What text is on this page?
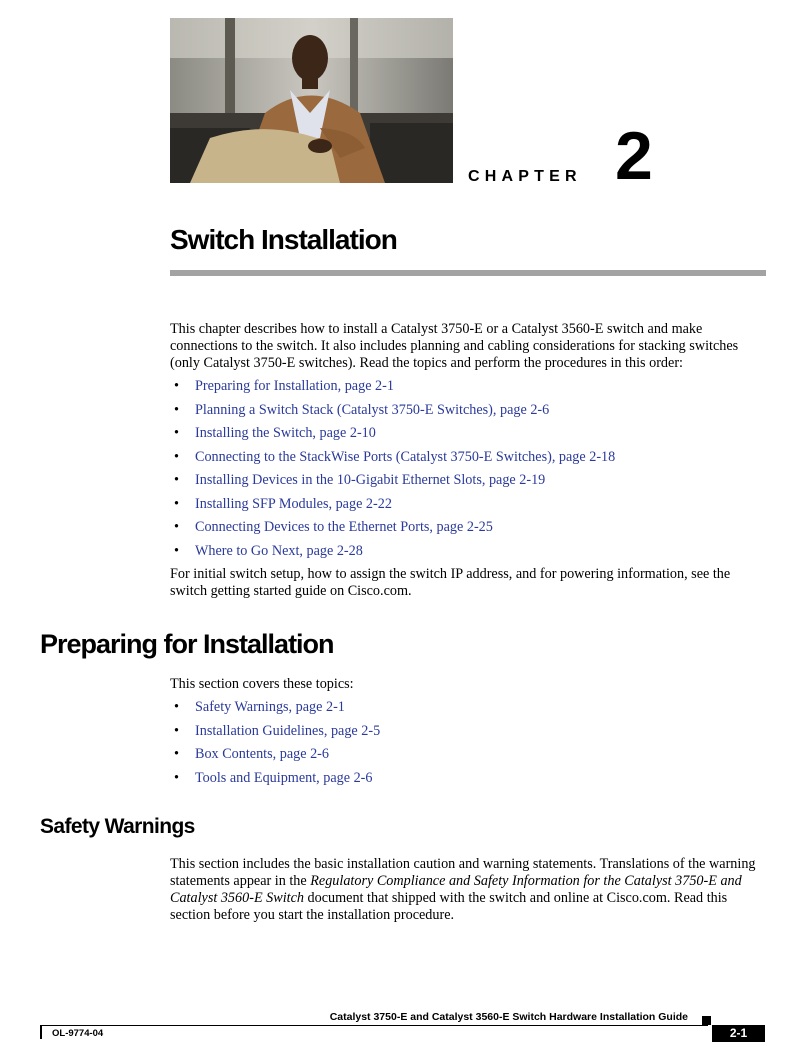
CHAPTER 2
Switch Installation
This chapter describes how to install a Catalyst 3750-E or a Catalyst 3560-E switch and make connections to the switch. It also includes planning and cabling considerations for stacking switches (only Catalyst 3750-E switches). Read the topics and perform the procedures in this order:
• Preparing for Installation, page 2-1
• Planning a Switch Stack (Catalyst 3750-E Switches), page 2-6
• Installing the Switch, page 2-10
• Connecting to the StackWise Ports (Catalyst 3750-E Switches), page 2-18
• Installing Devices in the 10-Gigabit Ethernet Slots, page 2-19
• Installing SFP Modules, page 2-22
• Connecting Devices to the Ethernet Ports, page 2-25
• Where to Go Next, page 2-28
For initial switch setup, how to assign the switch IP address, and for powering information, see the switch getting started guide on Cisco.com.
Preparing for Installation
This section covers these topics:
• Safety Warnings, page 2-1
• Installation Guidelines, page 2-5
• Box Contents, page 2-6
• Tools and Equipment, page 2-6
Safety Warnings
This section includes the basic installation caution and warning statements. Translations of the warning statements appear in the Regulatory Compliance and Safety Information for the Catalyst 3750-E and Catalyst 3560-E Switch document that shipped with the switch and online at Cisco.com. Read this section before you start the installation procedure.
Catalyst 3750-E and Catalyst 3560-E Switch Hardware Installation Guide
OL-9774-04	2-1
